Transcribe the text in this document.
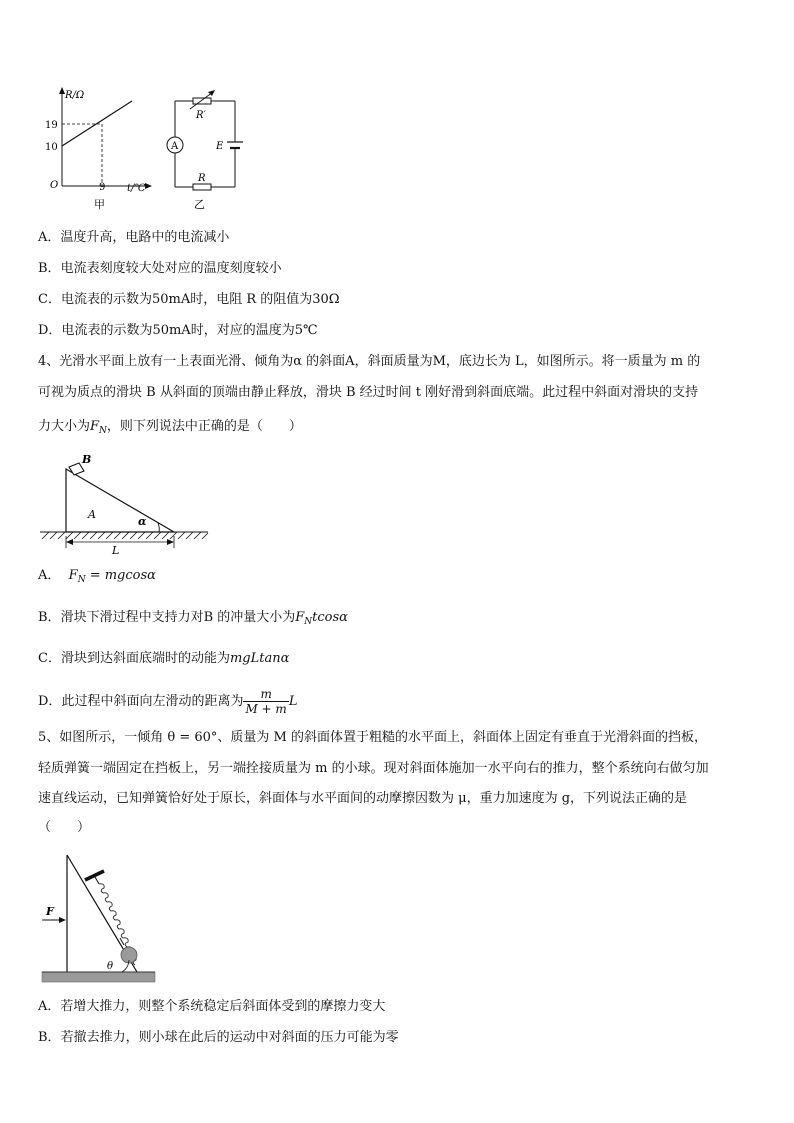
R/Ω
t/℃
19
10
O	9
甲
R′
A	E
R
乙
A．温度升高，电路中的电流减小
B．电流表刻度较大处对应的温度刻度较小
C．电流表的示数为50mA时，电阻 R 的阻值为30Ω
D．电流表的示数为50mA时，对应的温度为5℃
4、光滑水平面上放有一上表面光滑、倾角为α 的斜面A，斜面质量为M，底边长为 L，如图所示。将一质量为 m 的
可视为质点的滑块 B 从斜面的顶端由静止释放，滑块 B 经过时间 t 刚好滑到斜面底端。此过程中斜面对滑块的支持
力大小为$F_N$，则下列说法中正确的是（　　）
B
A
α
L
A． $F_N = mgcos\alpha$
B．滑块下滑过程中支持力对B 的冲量大小为$F_Ntcos\alpha$
C．滑块到达斜面底端时的动能为mgLtanα
D．此过程中斜面向左滑动的距离为 $\frac{m}{M + m}$ L
5、如图所示，一倾角 θ = 60°、质量为 M 的斜面体置于粗糙的水平面上，斜面体上固定有垂直于光滑斜面的挡板，
轻质弹簧一端固定在挡板上，另一端拴接质量为 m 的小球。现对斜面体施加一水平向右的推力，整个系统向右做匀加
速直线运动，已知弹簧恰好处于原长，斜面体与水平面间的动摩擦因数为 μ，重力加速度为 g，下列说法正确的是
（　　）
F
θ
A．若增大推力，则整个系统稳定后斜面体受到的摩擦力变大
B．若撤去推力，则小球在此后的运动中对斜面的压力可能为零
